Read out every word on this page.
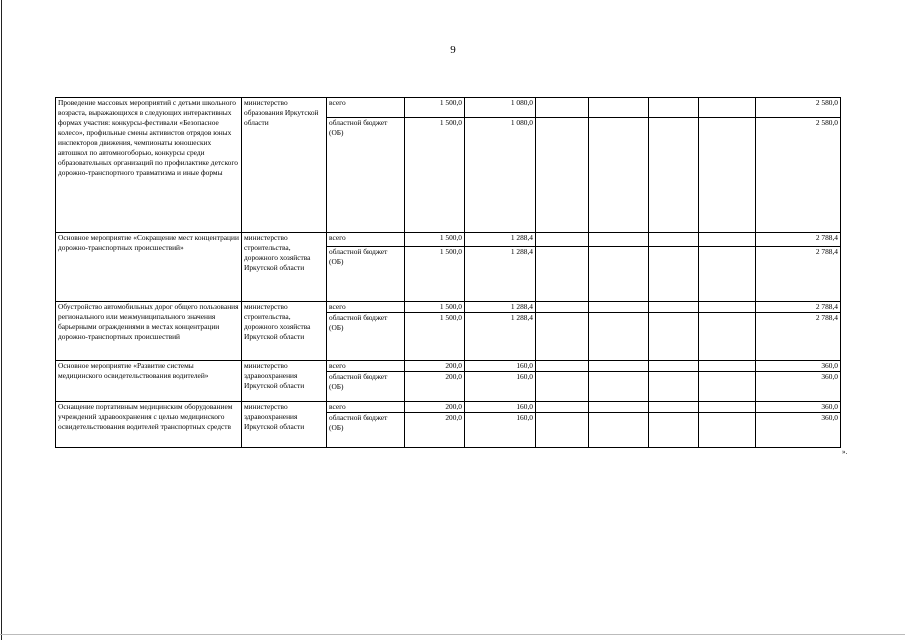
9
Проведение массовых мероприятий с детьми школьного возраста, выражающихся в следующих интерактивных формах участия: конкурсы-фестивали «Безопасное колесо», профильные смены активистов отрядов юных инспекторов движения, чемпионаты юношеских автошкол по автомногоборью, конкурсы среди образовательных организаций по профилактике детского дорожно-транспортного травматизма и иные формы	министерство образования Иркутской области	всего	1 500,0	1 080,0					2 580,0
		областной бюджет (ОБ)	1 500,0	1 080,0					2 580,0
Основное мероприятие «Сокращение мест концентрации дорожно-транспортных происшествий»	министерство строительства, дорожного хозяйства Иркутской области	всего	1 500,0	1 288,4					2 788,4
		областной бюджет (ОБ)	1 500,0	1 288,4					2 788,4
Обустройство автомобильных дорог общего пользования регионального или межмуниципального значения барьерными ограждениями в местах концентрации дорожно-транспортных происшествий	министерство строительства, дорожного хозяйства Иркутской области	всего	1 500,0	1 288,4					2 788,4
		областной бюджет (ОБ)	1 500,0	1 288,4					2 788,4
Основное мероприятие «Развитие системы медицинского освидетельствования водителей»	министерство здравоохранения Иркутской области	всего	200,0	160,0					360,0
		областной бюджет (ОБ)	200,0	160,0					360,0
Оснащение портативным медицинским оборудованием учреждений здравоохранения с целью медицинского освидетельствования водителей транспортных средств	министерство здравоохранения Иркутской области	всего	200,0	160,0					360,0
		областной бюджет (ОБ)	200,0	160,0					360,0
».
